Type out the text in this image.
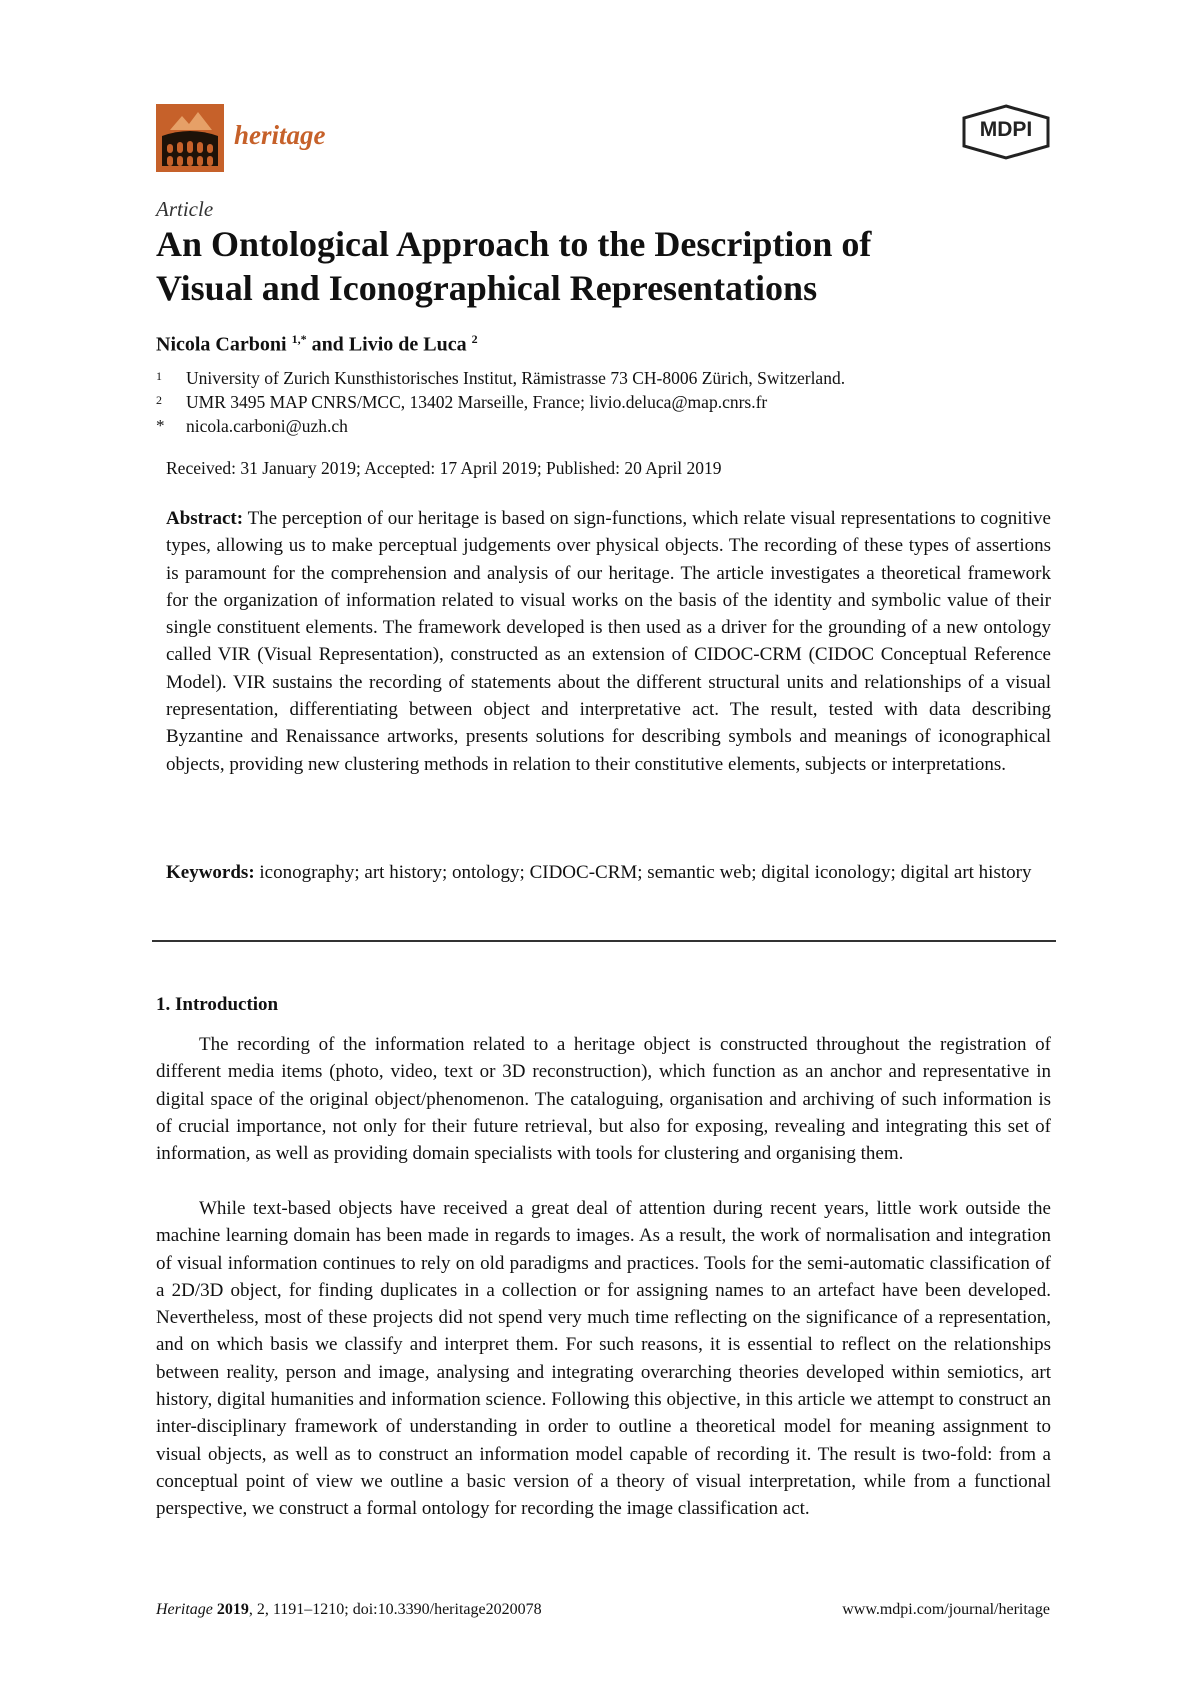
heritage	MDPI
Article
An Ontological Approach to the Description of
Visual and Iconographical Representations
Nicola Carboni $^{1,*}$ and Livio de Luca $^2$
1	University of Zurich Kunsthistorisches Institut, Rämistrasse 73 CH-8006 Zürich, Switzerland.
2	UMR 3495 MAP CNRS/MCC, 13402 Marseille, France; livio.deluca@map.cnrs.fr
*	nicola.carboni@uzh.ch
Received: 31 January 2019; Accepted: 17 April 2019; Published: 20 April 2019

Abstract: The perception of our heritage is based on sign-functions, which relate visual representations to cognitive types, allowing us to make perceptual judgements over physical objects. The recording of these types of assertions is paramount for the comprehension and analysis of our heritage. The article investigates a theoretical framework for the organization of information related to visual works on the basis of the identity and symbolic value of their single constituent elements. The framework developed is then used as a driver for the grounding of a new ontology called VIR (Visual Representation), constructed as an extension of CIDOC-CRM (CIDOC Conceptual Reference Model). VIR sustains the recording of statements about the different structural units and relationships of a visual representation, differentiating between object and interpretative act. The result, tested with data describing Byzantine and Renaissance artworks, presents solutions for describing symbols and meanings of iconographical objects, providing new clustering methods in relation to their constitutive elements, subjects or interpretations.

Keywords: iconography; art history; ontology; CIDOC-CRM; semantic web; digital iconology; digital art history

1. Introduction

The recording of the information related to a heritage object is constructed throughout the registration of different media items (photo, video, text or 3D reconstruction), which function as an anchor and representative in digital space of the original object/phenomenon. The cataloguing, organisation and archiving of such information is of crucial importance, not only for their future retrieval, but also for exposing, revealing and integrating this set of information, as well as providing domain specialists with tools for clustering and organising them.

While text-based objects have received a great deal of attention during recent years, little work outside the machine learning domain has been made in regards to images. As a result, the work of normalisation and integration of visual information continues to rely on old paradigms and practices. Tools for the semi-automatic classification of a 2D/3D object, for finding duplicates in a collection or for assigning names to an artefact have been developed. Nevertheless, most of these projects did not spend very much time reflecting on the significance of a representation, and on which basis we classify and interpret them. For such reasons, it is essential to reflect on the relationships between reality, person and image, analysing and integrating overarching theories developed within semiotics, art history, digital humanities and information science. Following this objective, in this article we attempt to construct an inter-disciplinary framework of understanding in order to outline a theoretical model for meaning assignment to visual objects, as well as to construct an information model capable of recording it. The result is two-fold: from a conceptual point of view we outline a basic version of a theory of visual interpretation, while from a functional perspective, we construct a formal ontology for recording the image classification act.

Heritage 2019, 2, 1191–1210; doi:10.3390/heritage2020078	www.mdpi.com/journal/heritage
